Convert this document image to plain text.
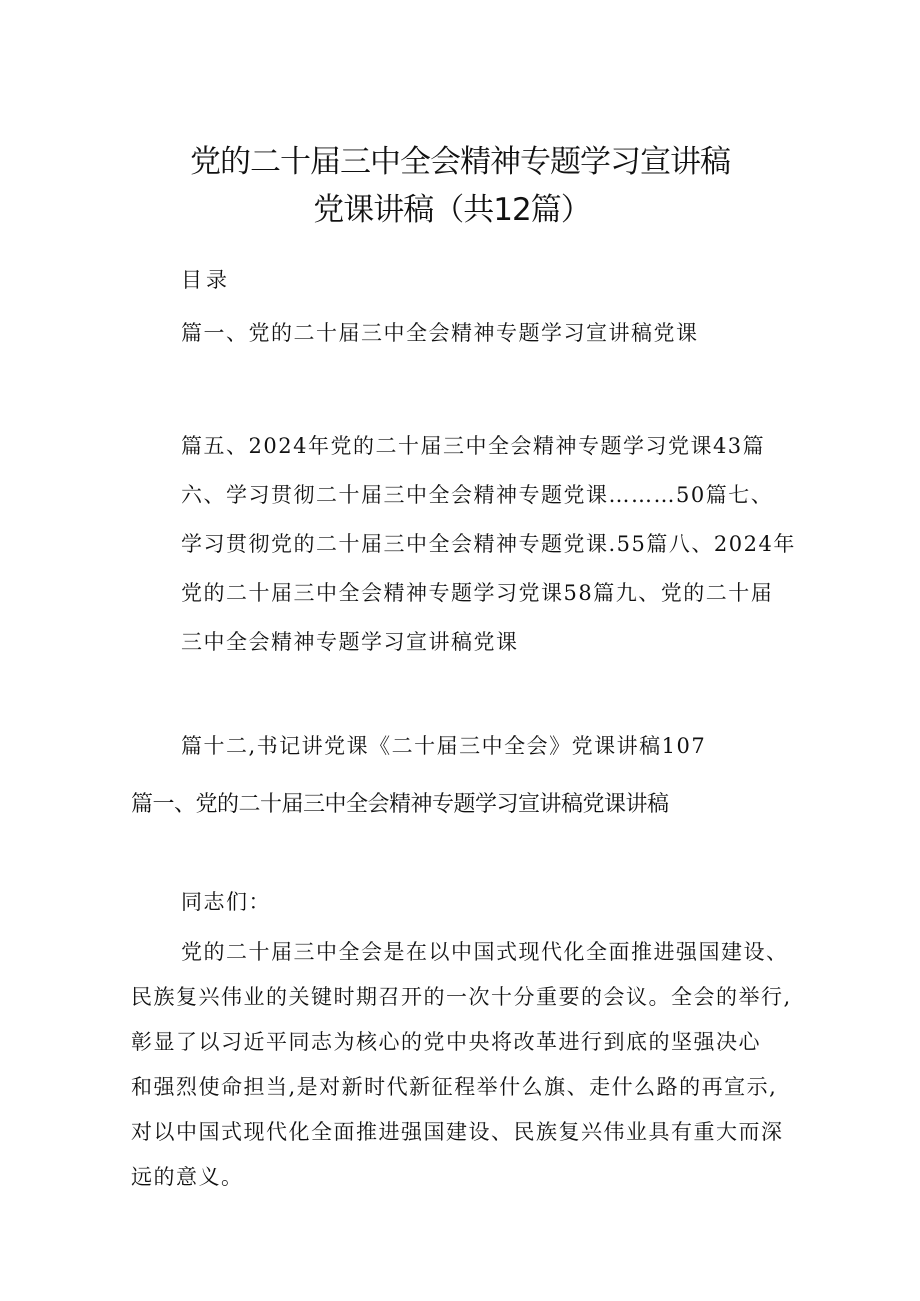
党的二十届三中全会精神专题学习宣讲稿
党课讲稿（共12篇）
目录
篇一、党的二十届三中全会精神专题学习宣讲稿党课
篇五、2024年党的二十届三中全会精神专题学习党课43篇
六、学习贯彻二十届三中全会精神专题党课………50篇七、
学习贯彻党的二十届三中全会精神专题党课.55篇八、2024年
党的二十届三中全会精神专题学习党课58篇九、党的二十届
三中全会精神专题学习宣讲稿党课
篇十二,书记讲党课《二十届三中全会》党课讲稿107
篇一、党的二十届三中全会精神专题学习宣讲稿党课讲稿
同志们：

党的二十届三中全会是在以中国式现代化全面推进强国建设、

民族复兴伟业的关键时期召开的一次十分重要的会议。全会的举行,

彰显了以习近平同志为核心的党中央将改革进行到底的坚强决心

和强烈使命担当,是对新时代新征程举什么旗、走什么路的再宣示,

对以中国式现代化全面推进强国建设、民族复兴伟业具有重大而深

远的意义。
